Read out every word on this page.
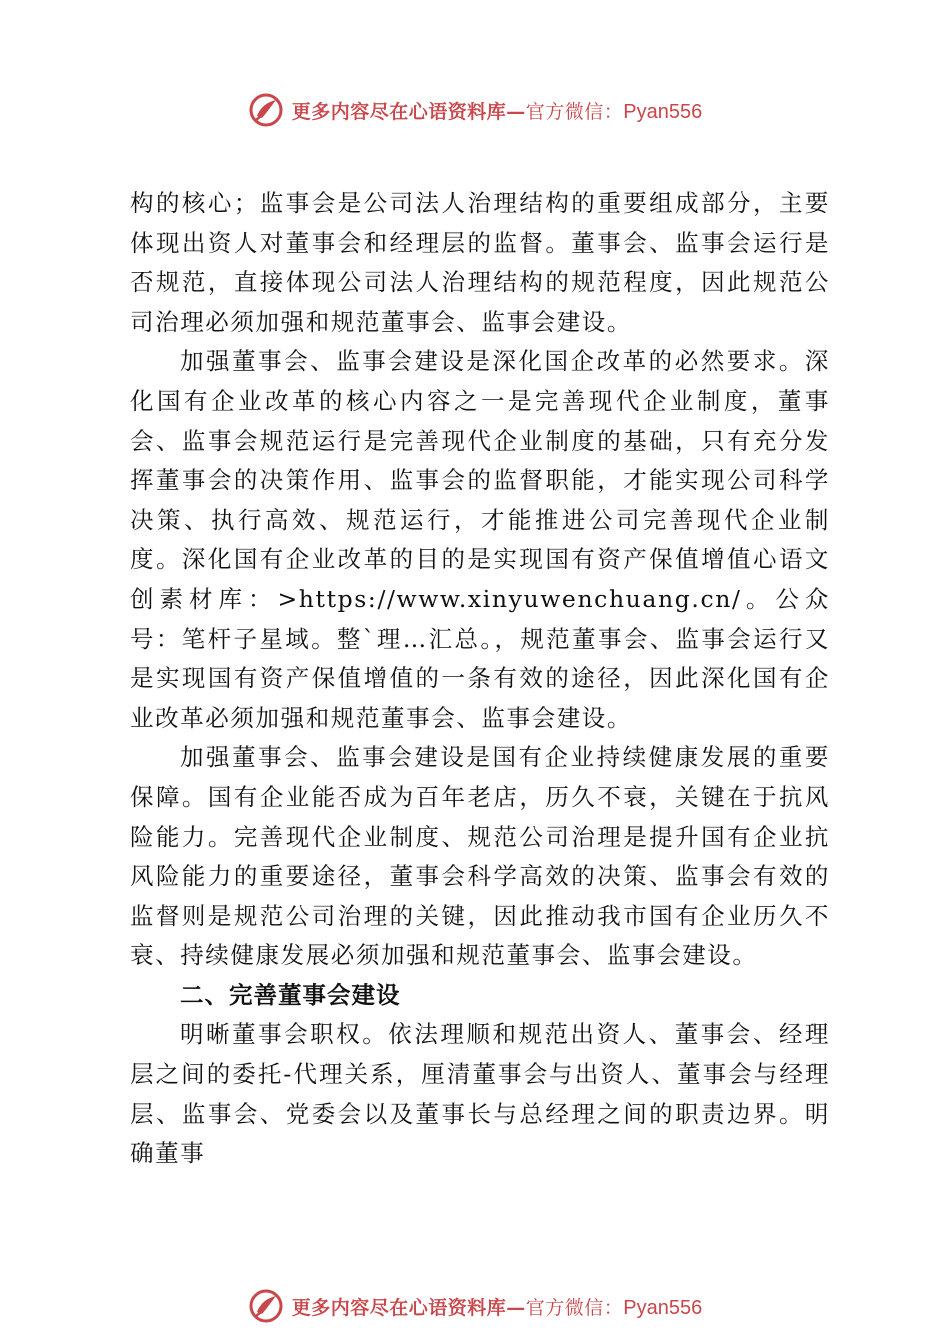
更多内容尽在心语资料库—官方微信：Pyan556

构的核心；监事会是公司法人治理结构的重要组成部分，主要体现出资人对董事会和经理层的监督。董事会、监事会运行是否规范，直接体现公司法人治理结构的规范程度，因此规范公司治理必须加强和规范董事会、监事会建设。

加强董事会、监事会建设是深化国企改革的必然要求。深化国有企业改革的核心内容之一是完善现代企业制度，董事会、监事会规范运行是完善现代企业制度的基础，只有充分发挥董事会的决策作用、监事会的监督职能，才能实现公司科学决策、执行高效、规范运行，才能推进公司完善现代企业制度。深化国有企业改革的目的是实现国有资产保值增值心语文创素材库：>https://www.xinyuwenchuang.cn/。公众号：笔杆子星域。整`理…汇总。，规范董事会、监事会运行又是实现国有资产保值增值的一条有效的途径，因此深化国有企业改革必须加强和规范董事会、监事会建设。

加强董事会、监事会建设是国有企业持续健康发展的重要保障。国有企业能否成为百年老店，历久不衰，关键在于抗风险能力。完善现代企业制度、规范公司治理是提升国有企业抗风险能力的重要途径，董事会科学高效的决策、监事会有效的监督则是规范公司治理的关键，因此推动我市国有企业历久不衰、持续健康发展必须加强和规范董事会、监事会建设。

二、完善董事会建设

明晰董事会职权。依法理顺和规范出资人、董事会、经理层之间的委托-代理关系，厘清董事会与出资人、董事会与经理层、监事会、党委会以及董事长与总经理之间的职责边界。明确董事

更多内容尽在心语资料库—官方微信：Pyan556
